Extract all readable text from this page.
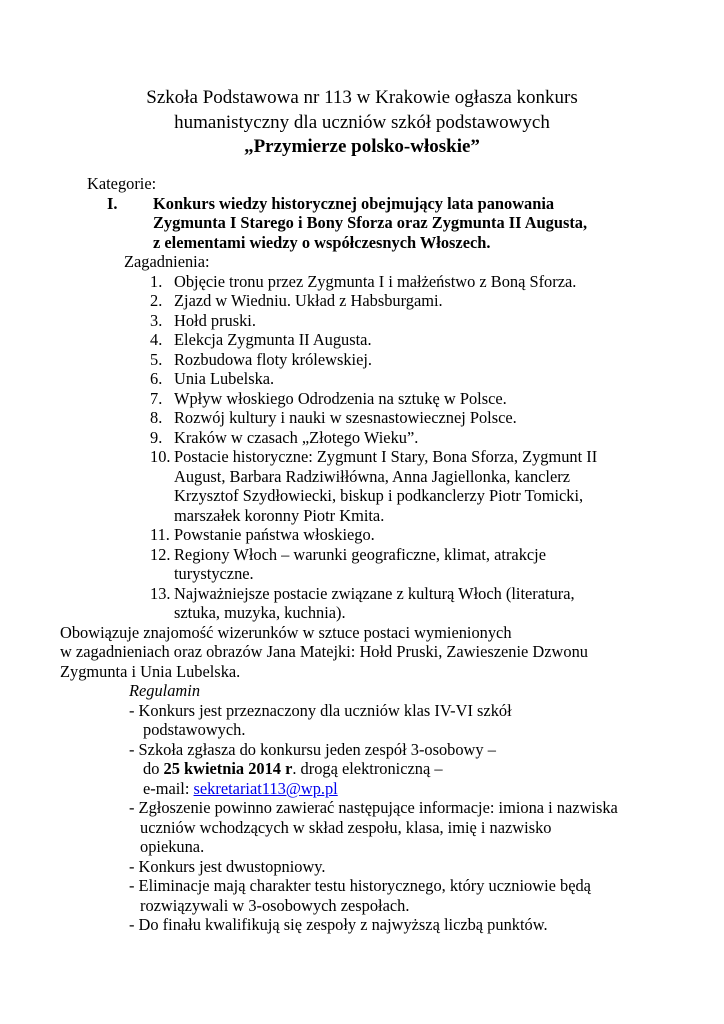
Szkoła Podstawowa nr 113 w Krakowie ogłasza konkurs
humanistyczny dla uczniów szkół podstawowych
„Przymierze polsko-włoskie”
Kategorie:
I. Konkurs wiedzy historycznej obejmujący lata panowania
Zygmunta I Starego i Bony Sforza oraz Zygmunta II Augusta,
z elementami wiedzy o współczesnych Włoszech.
Zagadnienia:
1. Objęcie tronu przez Zygmunta I i małżeństwo z Boną Sforza.
2. Zjazd w Wiedniu. Układ z Habsburgami.
3. Hołd pruski.
4. Elekcja Zygmunta II Augusta.
5. Rozbudowa floty królewskiej.
6. Unia Lubelska.
7. Wpływ włoskiego Odrodzenia na sztukę w Polsce.
8. Rozwój kultury i nauki w szesnastowiecznej Polsce.
9. Kraków w czasach „Złotego Wieku”.
10. Postacie historyczne: Zygmunt I Stary, Bona Sforza, Zygmunt II
August, Barbara Radziwiłłówna, Anna Jagiellonka, kanclerz
Krzysztof Szydłowiecki, biskup i podkanclerzy Piotr Tomicki,
marszałek koronny Piotr Kmita.
11. Powstanie państwa włoskiego.
12. Regiony Włoch – warunki geograficzne, klimat, atrakcje
turystyczne.
13. Najważniejsze postacie związane z kulturą Włoch (literatura,
sztuka, muzyka, kuchnia).
Obowiązuje znajomość wizerunków w sztuce postaci wymienionych
w zagadnieniach oraz obrazów Jana Matejki: Hołd Pruski, Zawieszenie Dzwonu
Zygmunta i Unia Lubelska.
Regulamin
- Konkurs jest przeznaczony dla uczniów klas IV-VI szkół
podstawowych.
- Szkoła zgłasza do konkursu jeden zespół 3-osobowy –
do 25 kwietnia 2014 r. drogą elektroniczną –
e-mail: sekretariat113@wp.pl
- Zgłoszenie powinno zawierać następujące informacje: imiona i nazwiska
uczniów wchodzących w skład zespołu, klasa, imię i nazwisko
opiekuna.
- Konkurs jest dwustopniowy.
- Eliminacje mają charakter testu historycznego, który uczniowie będą
rozwiązywali w 3-osobowych zespołach.
- Do finału kwalifikują się zespoły z najwyższą liczbą punktów.
